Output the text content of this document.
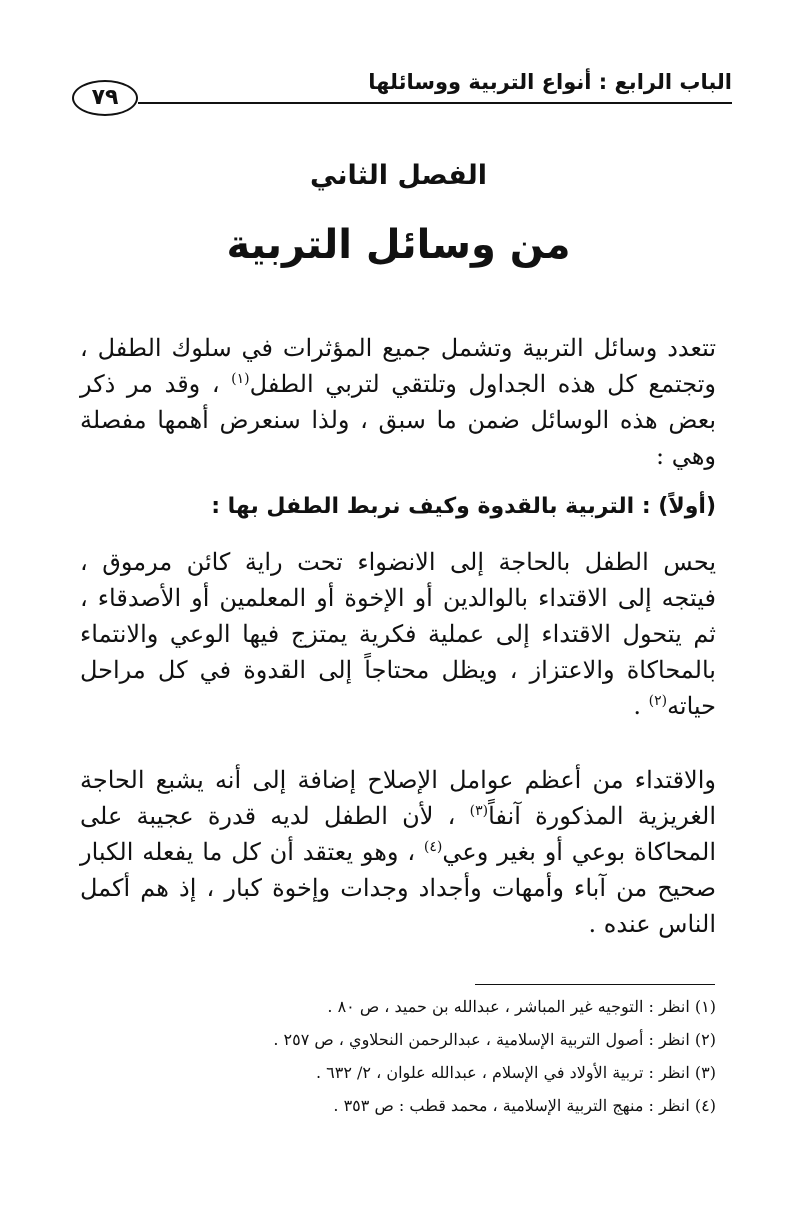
الباب الرابع : أنواع التربية ووسائلها
٧٩
الفصل الثاني
من وسائل التربية
تتعدد وسائل التربية وتشمل جميع المؤثرات في سلوك الطفل ، وتجتمع كل هذه الجداول وتلتقي لتربي الطفل$^{(١)}$ ، وقد مر ذكر بعض هذه الوسائل ضمن ما سبق ، ولذا سنعرض أهمها مفصلة وهي :
(أولاً) : التربية بالقدوة وكيف نربط الطفل بها :
يحس الطفل بالحاجة إلى الانضواء تحت راية كائن مرموق ، فيتجه إلى الاقتداء بالوالدين أو الإخوة أو المعلمين أو الأصدقاء ، ثم يتحول الاقتداء إلى عملية فكرية يمتزج فيها الوعي والانتماء بالمحاكاة والاعتزاز ، ويظل محتاجاً إلى القدوة في كل مراحل حياته$^{(٢)}$ .
والاقتداء من أعظم عوامل الإصلاح إضافة إلى أنه يشبع الحاجة الغريزية المذكورة آنفاً$^{(٣)}$ ، لأن الطفل لديه قدرة عجيبة على المحاكاة بوعي أو بغير وعي$^{(٤)}$ ، وهو يعتقد أن كل ما يفعله الكبار صحيح من آباء وأمهات وأجداد وجدات وإخوة كبار ، إذ هم أكمل الناس عنده .
(١) انظر : التوجيه غير المباشر ، عبدالله بن حميد ، ص ٨٠ .
(٢) انظر : أصول التربية الإسلامية ، عبدالرحمن النحلاوي ، ص ٢٥٧ .
(٣) انظر : تربية الأولاد في الإسلام ، عبدالله علوان ، ٢/ ٦٣٢ .
(٤) انظر : منهج التربية الإسلامية ، محمد قطب : ص ٣٥٣ .
